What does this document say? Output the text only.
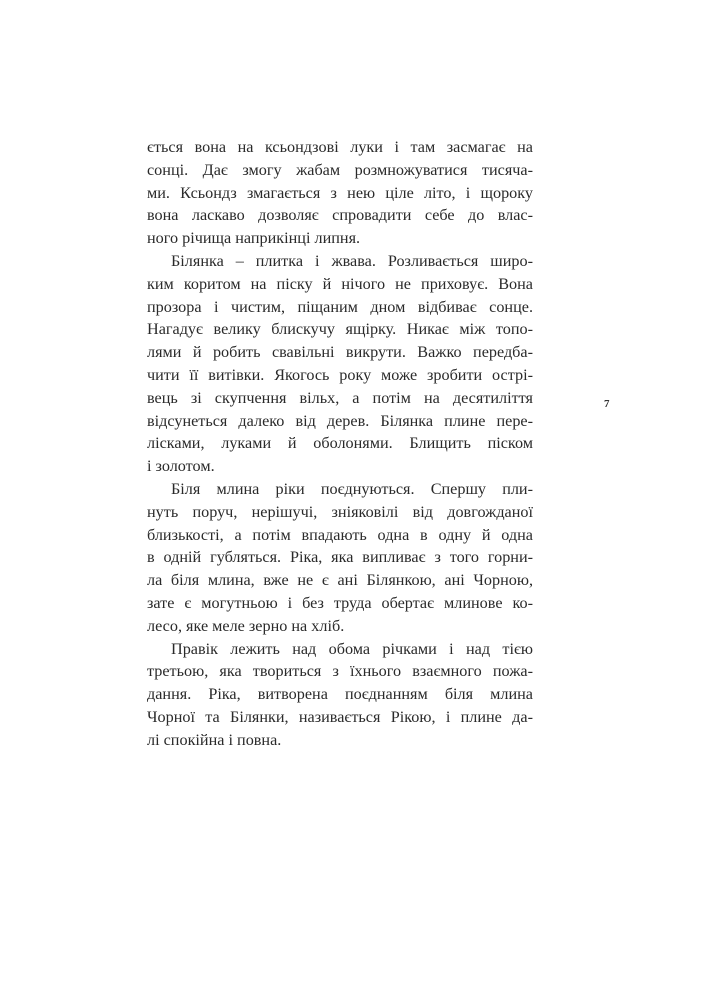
ється вона на ксьондзові луки і там засмагає на
сонці. Дає змогу жабам розмножуватися тисяча-
ми. Ксьондз змагається з нею ціле літо, і щороку
вона ласкаво дозволяє спровадити себе до влас-
ного річища наприкінці липня.
Білянка – плитка і жвава. Розливається широ-
ким коритом на піску й нічого не приховує. Вона
прозора і чистим, піщаним дном відбиває сонце.
Нагадує велику блискучу ящірку. Никає між топо-
лями й робить свавільні викрути. Важко передба-
чити її витівки. Якогось року може зробити острі-
вець зі скупчення вільх, а потім на десятиліття
відсунеться далеко від дерев. Білянка плине пере-
лісками, луками й оболонями. Блищить піском
і золотом.
Біля млина ріки поєднуються. Спершу пли-
нуть поруч, нерішучі, зніяковілі від довгожданої
близькості, а потім впадають одна в одну й одна
в одній губляться. Ріка, яка випливає з того горни-
ла біля млина, вже не є ані Білянкою, ані Чорною,
зате є могутньою і без труда обертає млинове ко-
лесо, яке меле зерно на хліб.
Правік лежить над обома річками і над тією
третьою, яка твориться з їхнього взаємного пожа-
дання. Ріка, витворена поєднанням біля млина
Чорної та Білянки, називається Рікою, і плине да-
лі спокійна і повна.
7
